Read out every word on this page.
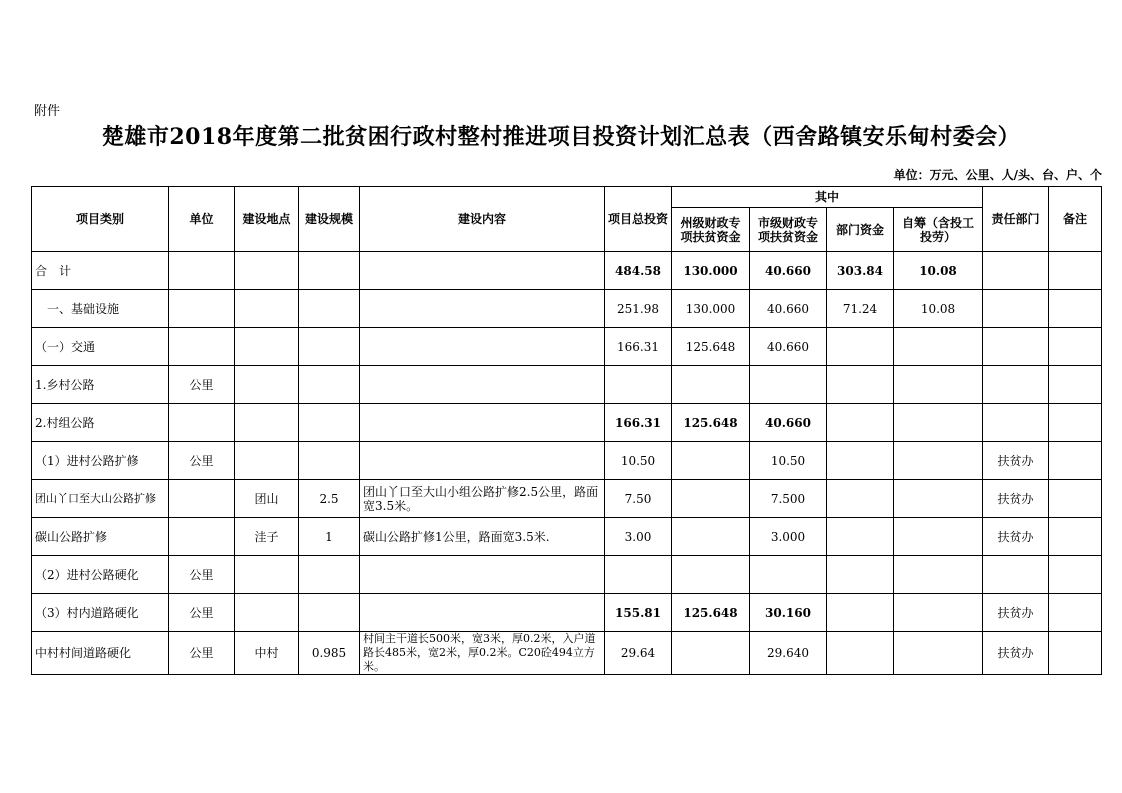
附件
楚雄市2018年度第二批贫困行政村整村推进项目投资计划汇总表（西舍路镇安乐甸村委会）
单位：万元、公里、人/头、台、户、个
项目类别	单位	建设地点	建设规模	建设内容	项目总投资	其中				责任部门	备注
						州级财政专项扶贫资金	市级财政专项扶贫资金	部门资金	自筹（含投工投劳）		
合　计					484.58	130.000	40.660	303.84	10.08		
　一、基础设施					251.98	130.000	40.660	71.24	10.08		
（一）交通					166.31	125.648	40.660				
1.乡村公路	公里										
2.村组公路					166.31	125.648	40.660				
（1）进村公路扩修	公里				10.50		10.50			扶贫办	
团山丫口至大山公路扩修		团山	2.5	团山丫口至大山小组公路扩修2.5公里，路面宽3.5米。	7.50		7.500			扶贫办	
碳山公路扩修		洼子	1	碳山公路扩修1公里，路面宽3.5米.	3.00		3.000			扶贫办	
（2）进村公路硬化	公里										
（3）村内道路硬化	公里				155.81	125.648	30.160			扶贫办	
中村村间道路硬化	公里	中村	0.985	村间主干道长500米，宽3米，厚0.2米，入户道路长485米，宽2米，厚0.2米。C20砼494立方米。	29.64		29.640			扶贫办	
